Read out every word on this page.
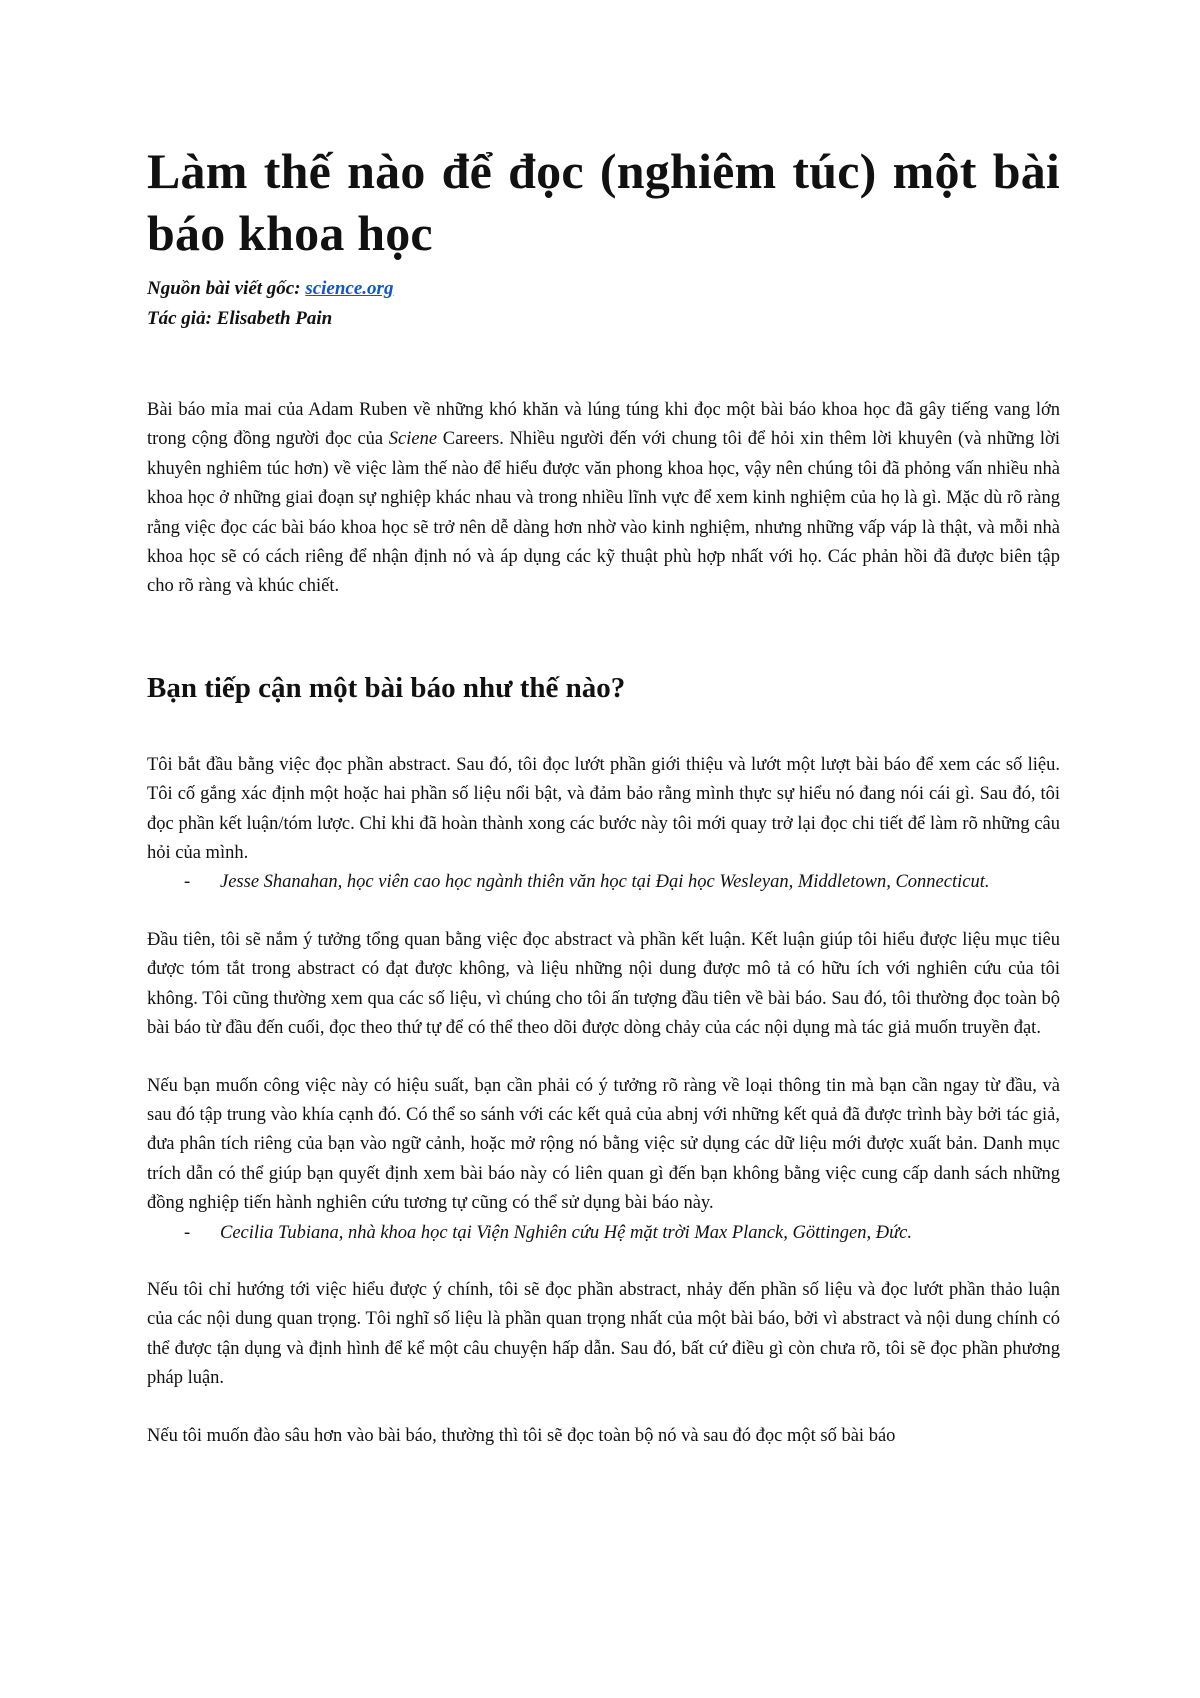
Làm thế nào để đọc (nghiêm túc) một bài báo khoa học
Nguồn bài viết gốc: science.org
Tác giả: Elisabeth Pain

Bài báo mỉa mai của Adam Ruben về những khó khăn và lúng túng khi đọc một bài báo khoa học đã gây tiếng vang lớn trong cộng đồng người đọc của Sciene Careers. Nhiều người đến với chung tôi để hỏi xin thêm lời khuyên (và những lời khuyên nghiêm túc hơn) về việc làm thế nào để hiểu được văn phong khoa học, vậy nên chúng tôi đã phỏng vấn nhiều nhà khoa học ở những giai đoạn sự nghiệp khác nhau và trong nhiều lĩnh vực để xem kinh nghiệm của họ là gì. Mặc dù rõ ràng rằng việc đọc các bài báo khoa học sẽ trở nên dễ dàng hơn nhờ vào kinh nghiệm, nhưng những vấp váp là thật, và mỗi nhà khoa học sẽ có cách riêng để nhận định nó và áp dụng các kỹ thuật phù hợp nhất với họ. Các phản hồi đã được biên tập cho rõ ràng và khúc chiết.

Bạn tiếp cận một bài báo như thế nào?

Tôi bắt đầu bằng việc đọc phần abstract. Sau đó, tôi đọc lướt phần giới thiệu và lướt một lượt bài báo để xem các số liệu. Tôi cố gắng xác định một hoặc hai phần số liệu nổi bật, và đảm bảo rằng mình thực sự hiểu nó đang nói cái gì. Sau đó, tôi đọc phần kết luận/tóm lược. Chỉ khi đã hoàn thành xong các bước này tôi mới quay trở lại đọc chi tiết để làm rõ những câu hỏi của mình.

- Jesse Shanahan, học viên cao học ngành thiên văn học tại Đại học Wesleyan, Middletown, Connecticut.

Đầu tiên, tôi sẽ nắm ý tưởng tổng quan bằng việc đọc abstract và phần kết luận. Kết luận giúp tôi hiểu được liệu mục tiêu được tóm tắt trong abstract có đạt được không, và liệu những nội dung được mô tả có hữu ích với nghiên cứu của tôi không. Tôi cũng thường xem qua các số liệu, vì chúng cho tôi ấn tượng đầu tiên về bài báo. Sau đó, tôi thường đọc toàn bộ bài báo từ đầu đến cuối, đọc theo thứ tự để có thể theo dõi được dòng chảy của các nội dụng mà tác giả muốn truyền đạt.

Nếu bạn muốn công việc này có hiệu suất, bạn cần phải có ý tưởng rõ ràng về loại thông tin mà bạn cần ngay từ đầu, và sau đó tập trung vào khía cạnh đó. Có thể so sánh với các kết quả của abnj với những kết quả đã được trình bày bởi tác giả, đưa phân tích riêng của bạn vào ngữ cảnh, hoặc mở rộng nó bằng việc sử dụng các dữ liệu mới được xuất bản. Danh mục trích dẫn có thể giúp bạn quyết định xem bài báo này có liên quan gì đến bạn không bằng việc cung cấp danh sách những đồng nghiệp tiến hành nghiên cứu tương tự cũng có thể sử dụng bài báo này.

- Cecilia Tubiana, nhà khoa học tại Viện Nghiên cứu Hệ mặt trời Max Planck, Göttingen, Đức.

Nếu tôi chỉ hướng tới việc hiểu được ý chính, tôi sẽ đọc phần abstract, nhảy đến phần số liệu và đọc lướt phần thảo luận của các nội dung quan trọng. Tôi nghĩ số liệu là phần quan trọng nhất của một bài báo, bởi vì abstract và nội dung chính có thể được tận dụng và định hình để kể một câu chuyện hấp dẫn. Sau đó, bất cứ điều gì còn chưa rõ, tôi sẽ đọc phần phương pháp luận.

Nếu tôi muốn đào sâu hơn vào bài báo, thường thì tôi sẽ đọc toàn bộ nó và sau đó đọc một số bài báo
